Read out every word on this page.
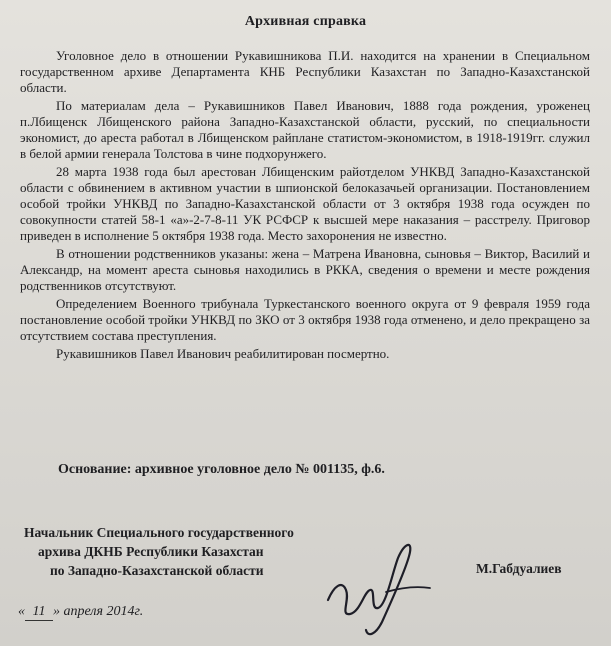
Архивная справка

Уголовное дело в отношении Рукавишникова П.И. находится на хранении в Специальном государственном архиве Департамента КНБ Республики Казахстан по Западно-Казахстанской области.

По материалам дела – Рукавишников Павел Иванович, 1888 года рождения, уроженец п.Лбищенск Лбищенского района Западно-Казахстанской области, русский, по специальности экономист, до ареста работал в Лбищенском райплане статистом-экономистом, в 1918-1919гг. служил в белой армии генерала Толстова в чине подхорунжего.

28 марта 1938 года был арестован Лбищенским райотделом УНКВД Западно-Казахстанской области с обвинением в активном участии в шпионской белоказачьей организации. Постановлением особой тройки УНКВД по Западно-Казахстанской области от 3 октября 1938 года осужден по совокупности статей 58-1 «а»-2-7-8-11 УК РСФСР к высшей мере наказания – расстрелу. Приговор приведен в исполнение 5 октября 1938 года. Место захоронения не известно.

В отношении родственников указаны: жена – Матрена Ивановна, сыновья – Виктор, Василий и Александр, на момент ареста сыновья находились в РККА, сведения о времени и месте рождения родственников отсутствуют.

Определением Военного трибунала Туркестанского военного округа от 9 февраля 1959 года постановление особой тройки УНКВД по ЗКО от 3 октября 1938 года отменено, и дело прекращено за отсутствием состава преступления.

Рукавишников Павел Иванович реабилитирован посмертно.

Основание: архивное уголовное дело № 001135, ф.6.
Начальник Специального государственного
архива ДКНБ Республики Казахстан
по Западно-Казахстанской области	М.Габдуалиев
« 11 » апреля 2014г.
